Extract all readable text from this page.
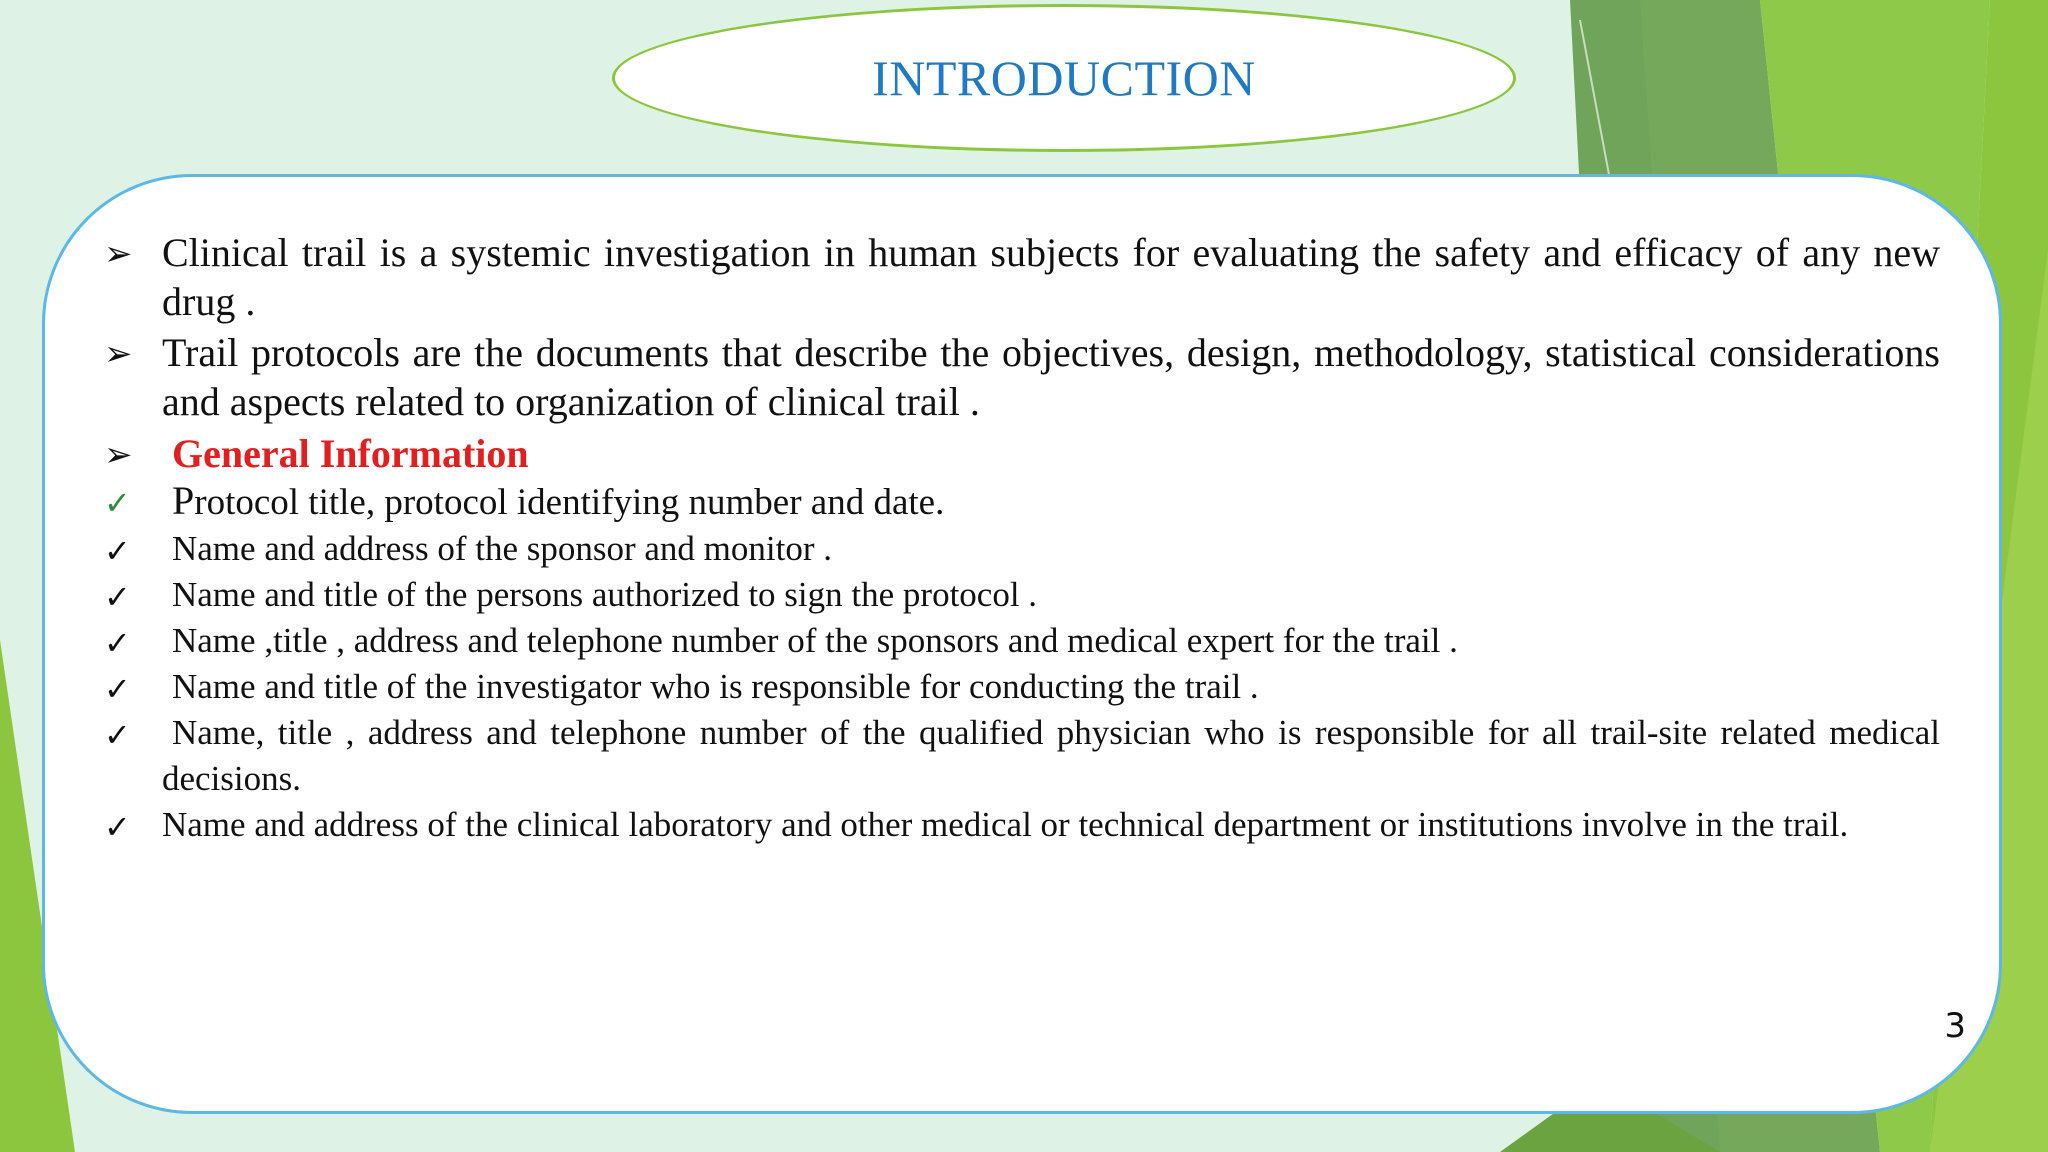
INTRODUCTION
➢ Clinical trail is a systemic investigation in human subjects for evaluating the safety and efficacy of any new drug .
➢ Trail protocols are the documents that describe the objectives, design, methodology, statistical considerations and aspects related to organization of clinical trail .
➢ General Information
✓ Protocol title, protocol identifying number and date.
✓ Name and address of the sponsor and monitor .
✓ Name and title of the persons authorized to sign the protocol .
✓ Name ,title , address and telephone number of the sponsors and medical expert for the trail .
✓ Name and title of the investigator who is responsible for conducting the trail .
✓ Name, title , address and telephone number of the qualified physician who is responsible for all trail-site related medical decisions.
✓ Name and address of the clinical laboratory and other medical or technical department or institutions involve in the trail.
3
